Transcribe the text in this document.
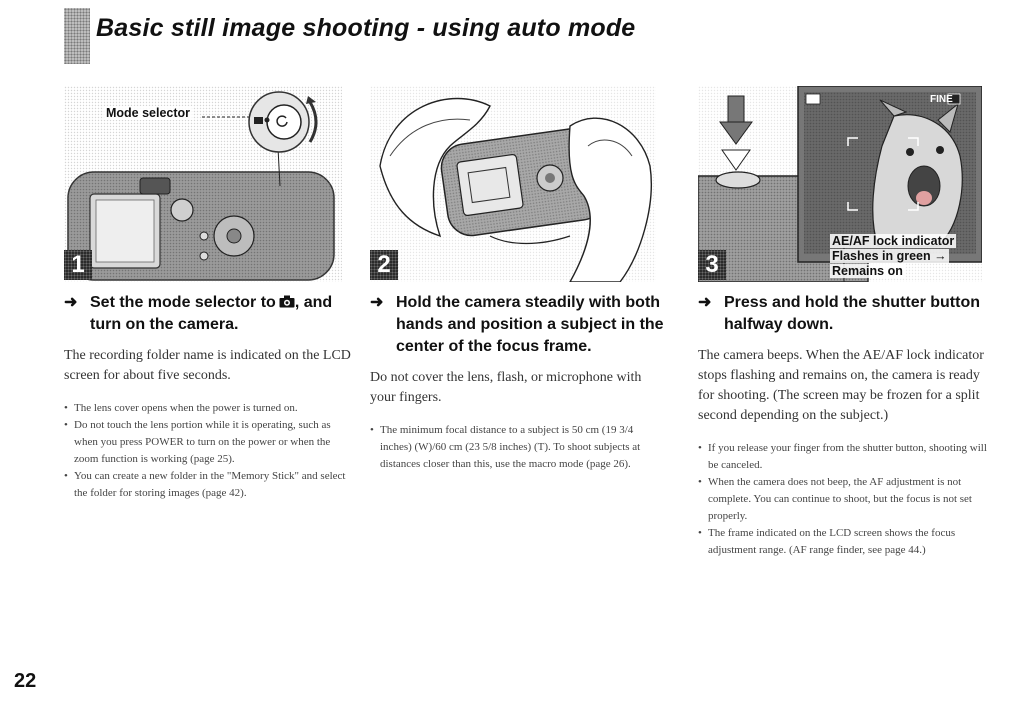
Basic still image shooting - using auto mode
Mode selector
1	2
FINE
AE/AF lock indicator
Flashes in green →
Remains on
3
➜ Set the mode selector to , and turn on the camera.

The recording folder name is indicated on the LCD screen for about five seconds.

• The lens cover opens when the power is turned on.
• Do not touch the lens portion while it is operating, such as when you press POWER to turn on the power or when the zoom function is working (page 25).
• You can create a new folder in the "Memory Stick" and select the folder for storing images (page 42).
➜ Hold the camera steadily with both hands and position a subject in the center of the focus frame.

Do not cover the lens, flash, or microphone with your fingers.

• The minimum focal distance to a subject is 50 cm (19 3/4 inches) (W)/60 cm (23 5/8 inches) (T). To shoot subjects at distances closer than this, use the macro mode (page 26).
➜ Press and hold the shutter button halfway down.

The camera beeps. When the AE/AF lock indicator stops flashing and remains on, the camera is ready for shooting. (The screen may be frozen for a split second depending on the subject.)

• If you release your finger from the shutter button, shooting will be canceled.
• When the camera does not beep, the AF adjustment is not complete. You can continue to shoot, but the focus is not set properly.
• The frame indicated on the LCD screen shows the focus adjustment range. (AF range finder, see page 44.)
22
